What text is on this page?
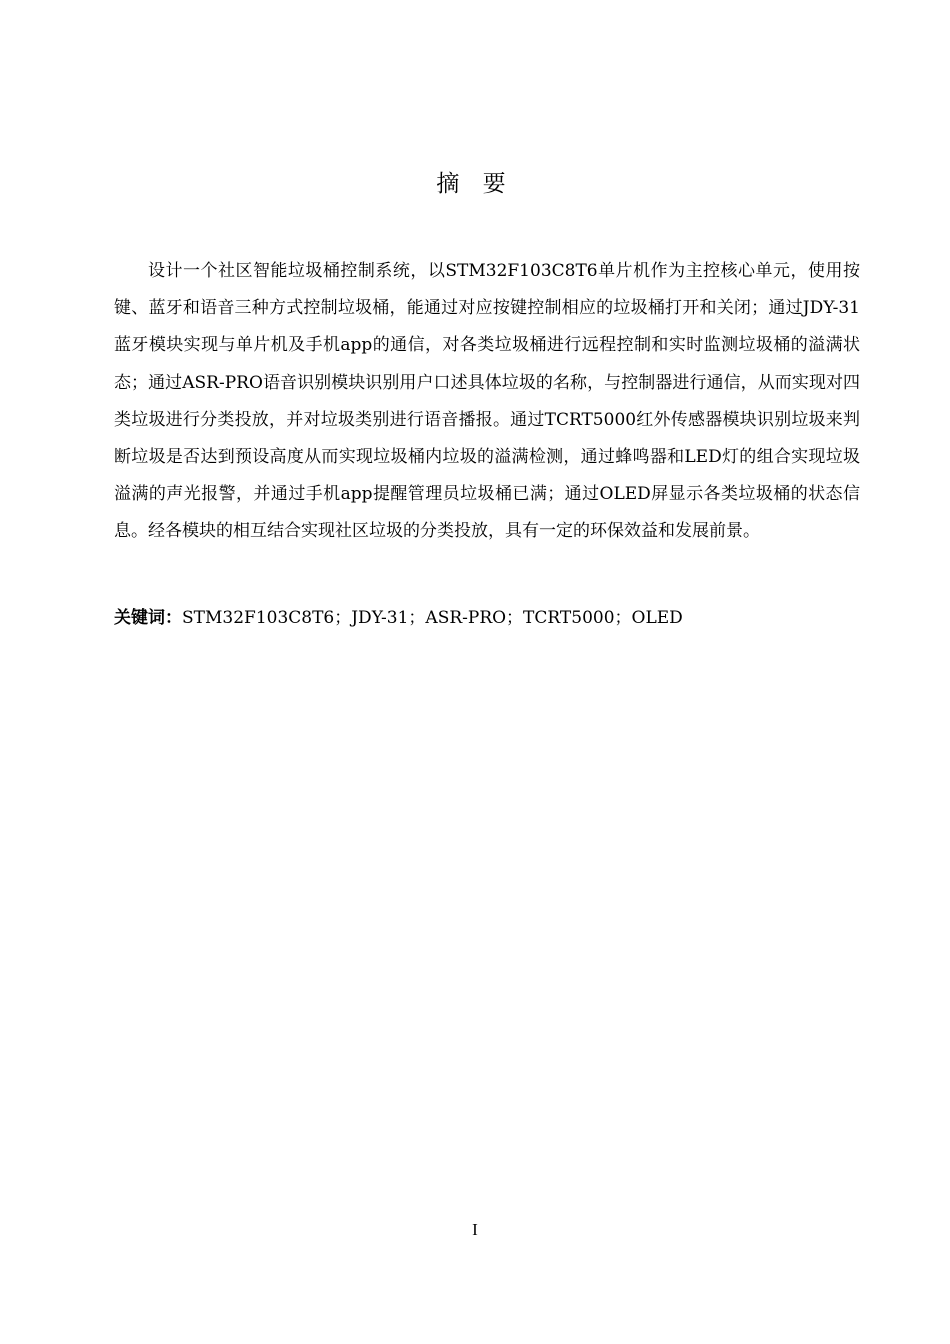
摘 要

设计一个社区智能垃圾桶控制系统，以STM32F103C8T6单片机作为主控核心单元，使用按键、蓝牙和语音三种方式控制垃圾桶，能通过对应按键控制相应的垃圾桶打开和关闭；通过JDY-31蓝牙模块实现与单片机及手机app的通信，对各类垃圾桶进行远程控制和实时监测垃圾桶的溢满状态；通过ASR-PRO语音识别模块识别用户口述具体垃圾的名称，与控制器进行通信，从而实现对四类垃圾进行分类投放，并对垃圾类别进行语音播报。通过TCRT5000红外传感器模块识别垃圾来判断垃圾是否达到预设高度从而实现垃圾桶内垃圾的溢满检测，通过蜂鸣器和LED灯的组合实现垃圾溢满的声光报警，并通过手机app提醒管理员垃圾桶已满；通过OLED屏显示各类垃圾桶的状态信息。经各模块的相互结合实现社区垃圾的分类投放，具有一定的环保效益和发展前景。

关键词：STM32F103C8T6；JDY-31；ASR-PRO；TCRT5000；OLED

I
